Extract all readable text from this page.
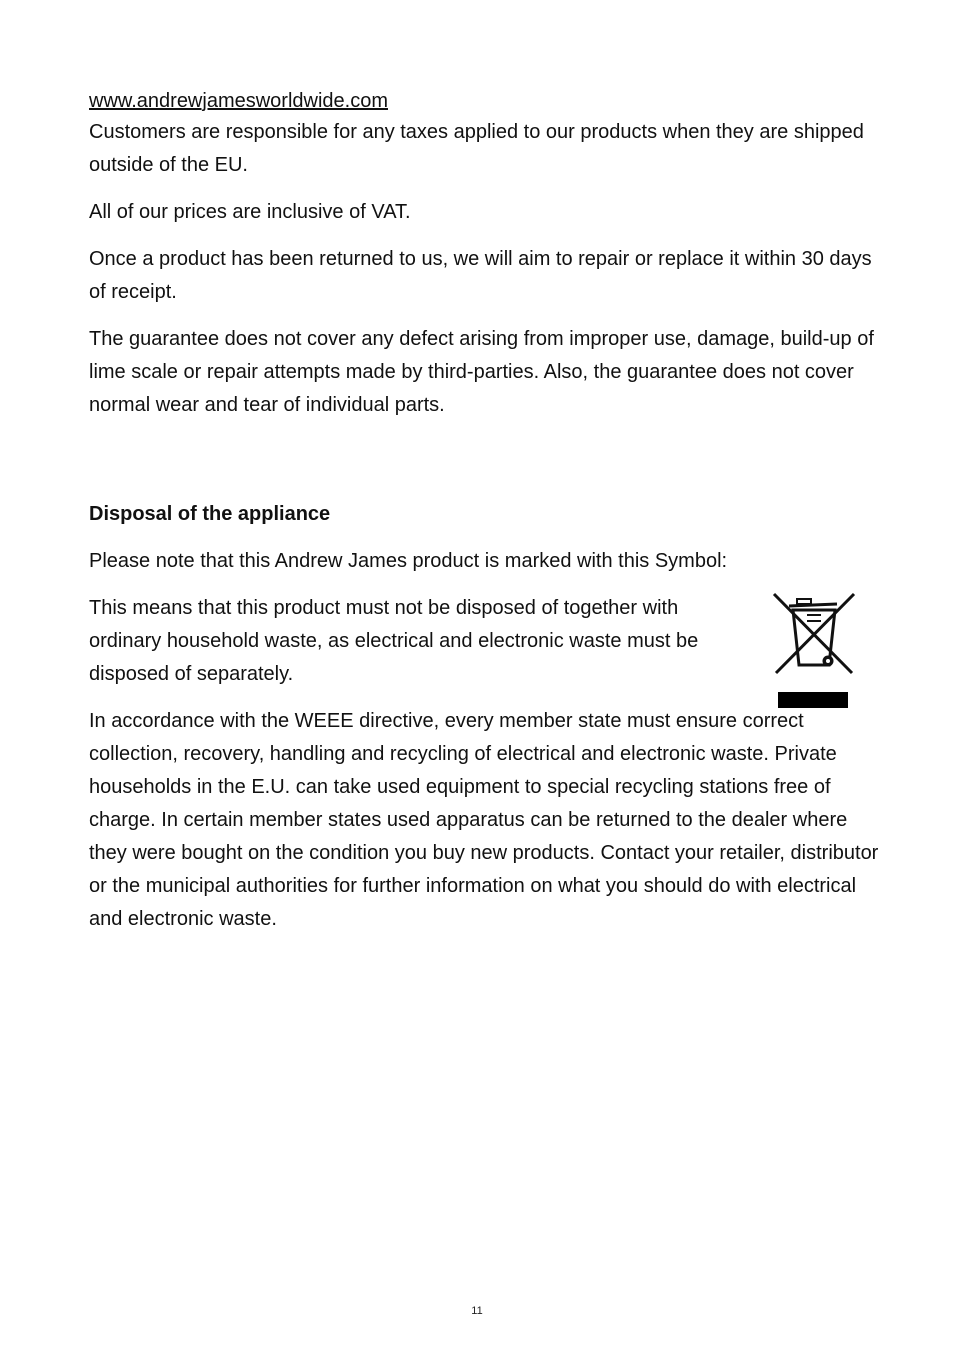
www.andrewjamesworldwide.com

Customers are responsible for any taxes applied to our products when they are shipped outside of the EU.

All of our prices are inclusive of VAT.

Once a product has been returned to us, we will aim to repair or replace it within 30 days of receipt.

The guarantee does not cover any defect arising from improper use, damage, build-up of lime scale or repair attempts made by third-parties. Also, the guarantee does not cover normal wear and tear of individual parts.

Disposal of the appliance

Please note that this Andrew James product is marked with this Symbol:

This means that this product must not be disposed of together with ordinary household waste, as electrical and electronic waste must be disposed of separately.

In accordance with the WEEE directive, every member state must ensure correct collection, recovery, handling and recycling of electrical and electronic waste. Private households in the E.U. can take used equipment to special recycling stations free of charge. In certain member states used apparatus can be returned to the dealer where they were bought on the condition you buy new products. Contact your retailer, distributor or the municipal authorities for further information on what you should do with electrical and electronic waste.

11
